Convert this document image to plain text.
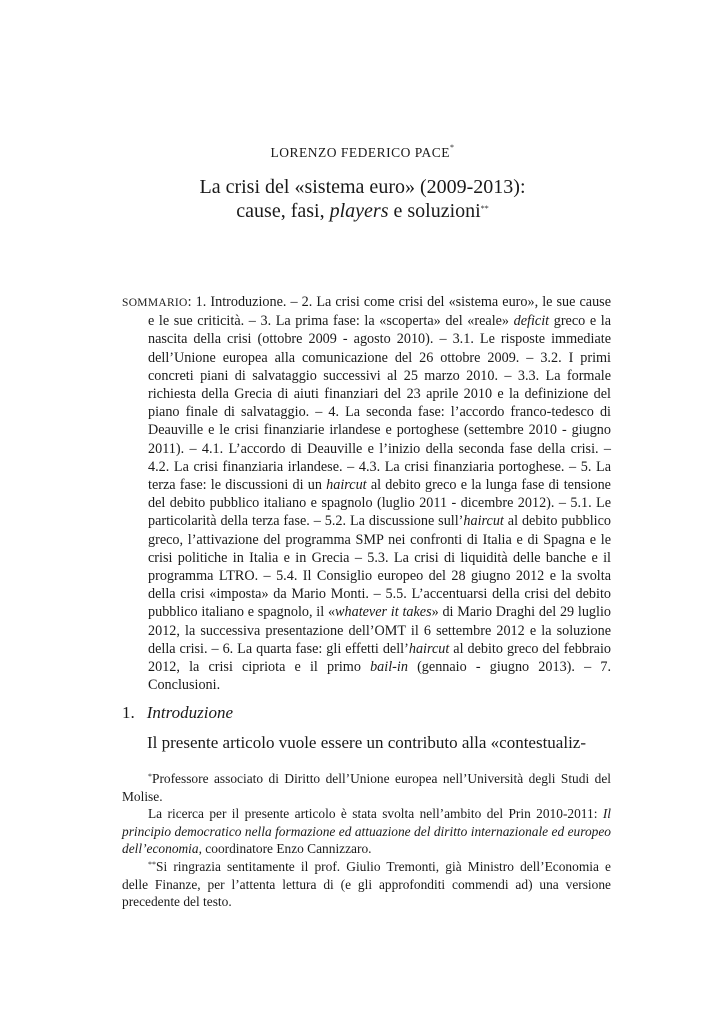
LORENZO FEDERICO PACE*
La crisi del «sistema euro» (2009-2013):
cause, fasi, players e soluzioni**
SOMMARIO: 1. Introduzione. – 2. La crisi come crisi del «sistema euro», le sue cause e le sue criticità. – 3. La prima fase: la «scoperta» del «reale» deficit greco e la nascita della crisi (ottobre 2009 - agosto 2010). – 3.1. Le risposte immediate dell’Unione europea alla comunicazione del 26 ottobre 2009. – 3.2. I primi concreti piani di salvataggio successivi al 25 marzo 2010. – 3.3. La formale richiesta della Grecia di aiuti finanziari del 23 aprile 2010 e la definizione del piano finale di salvataggio. – 4. La seconda fase: l’accordo franco-tedesco di Deauville e le crisi finanziarie irlandese e portoghese (settembre 2010 - giugno 2011). – 4.1. L’accordo di Deauville e l’inizio della seconda fase della crisi. – 4.2. La crisi finanziaria irlandese. – 4.3. La crisi finanziaria portoghese. – 5. La terza fase: le discussioni di un haircut al debito greco e la lunga fase di tensione del debito pubblico italiano e spagnolo (luglio 2011 - dicembre 2012). – 5.1. Le particolarità della terza fase. – 5.2. La discussione sull’haircut al debito pubblico greco, l’attivazione del programma SMP nei confronti di Italia e di Spagna e le crisi politiche in Italia e in Grecia – 5.3. La crisi di liquidità delle banche e il programma LTRO. – 5.4. Il Consiglio europeo del 28 giugno 2012 e la svolta della crisi «imposta» da Mario Monti. – 5.5. L’accentuarsi della crisi del debito pubblico italiano e spagnolo, il «whatever it takes» di Mario Draghi del 29 luglio 2012, la successiva presentazione dell’OMT il 6 settembre 2012 e la soluzione della crisi. – 6. La quarta fase: gli effetti dell’haircut al debito greco del febbraio 2012, la crisi cipriota e il primo bail-in (gennaio - giugno 2013). – 7. Conclusioni.
1. Introduzione
Il presente articolo vuole essere un contributo alla «contestualiz-

*Professore associato di Diritto dell’Unione europea nell’Università degli Studi del Molise.

La ricerca per il presente articolo è stata svolta nell’ambito del Prin 2010-2011: Il principio democratico nella formazione ed attuazione del diritto internazionale ed europeo dell’economia, coordinatore Enzo Cannizzaro.

**Si ringrazia sentitamente il prof. Giulio Tremonti, già Ministro dell’Economia e delle Finanze, per l’attenta lettura di (e gli approfonditi commendi ad) una versione precedente del testo.
